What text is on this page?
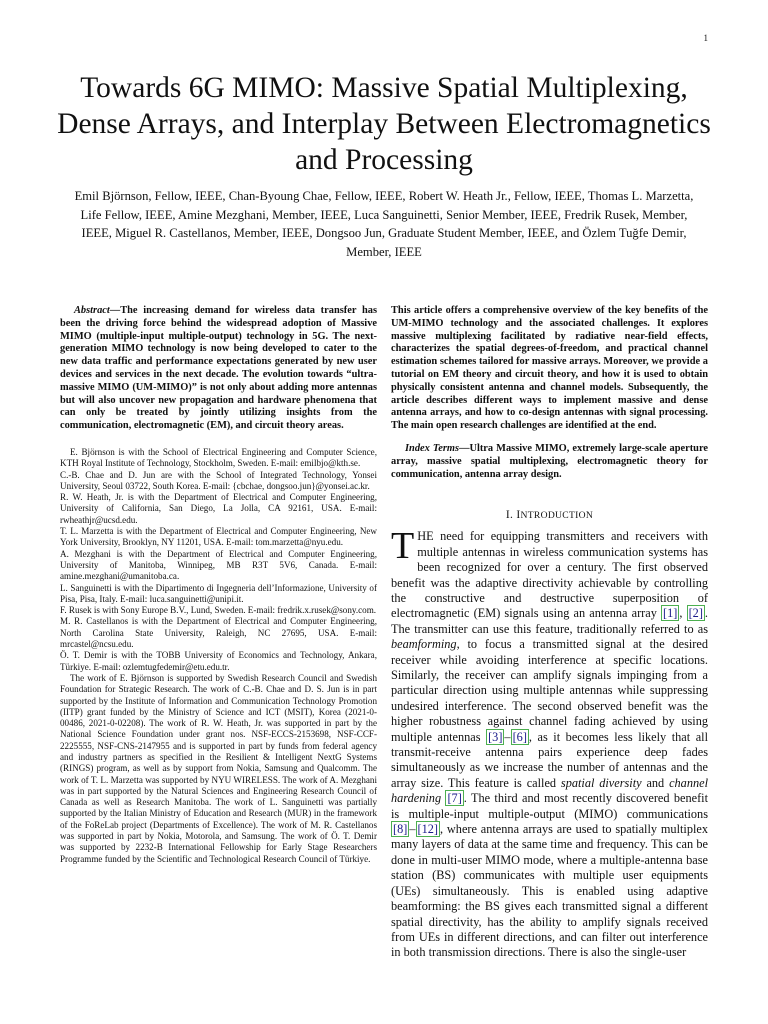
1
Towards 6G MIMO: Massive Spatial Multiplexing, Dense Arrays, and Interplay Between Electromagnetics and Processing

Emil Björnson, Fellow, IEEE, Chan-Byoung Chae, Fellow, IEEE, Robert W. Heath Jr., Fellow, IEEE, Thomas L. Marzetta, Life Fellow, IEEE, Amine Mezghani, Member, IEEE, Luca Sanguinetti, Senior Member, IEEE, Fredrik Rusek, Member, IEEE, Miguel R. Castellanos, Member, IEEE, Dongsoo Jun, Graduate Student Member, IEEE, and Özlem Tuğfe Demir, Member, IEEE

Abstract—The increasing demand for wireless data transfer has been the driving force behind the widespread adoption of Massive MIMO (multiple-input multiple-output) technology in 5G. The next-generation MIMO technology is now being developed to cater to the new data traffic and performance expectations generated by new user devices and services in the next decade. The evolution towards “ultra-massive MIMO (UM-MIMO)” is not only about adding more antennas but will also uncover new propagation and hardware phenomena that can only be treated by jointly utilizing insights from the communication, electromagnetic (EM), and circuit theory areas.

E. Björnson is with the School of Electrical Engineering and Computer Science, KTH Royal Institute of Technology, Stockholm, Sweden. E-mail: emilbjo@kth.se.

C.-B. Chae and D. Jun are with the School of Integrated Technology, Yonsei University, Seoul 03722, South Korea. E-mail: {cbchae, dongsoo.jun}@yonsei.ac.kr.

R. W. Heath, Jr. is with the Department of Electrical and Computer Engineering, University of California, San Diego, La Jolla, CA 92161, USA. E-mail: rwheathjr@ucsd.edu.

T. L. Marzetta is with the Department of Electrical and Computer Engineering, New York University, Brooklyn, NY 11201, USA. E-mail: tom.marzetta@nyu.edu.

A. Mezghani is with the Department of Electrical and Computer Engineering, University of Manitoba, Winnipeg, MB R3T 5V6, Canada. E-mail: amine.mezghani@umanitoba.ca.

L. Sanguinetti is with the Dipartimento di Ingegneria dell’Informazione, University of Pisa, Pisa, Italy. E-mail: luca.sanguinetti@unipi.it.

F. Rusek is with Sony Europe B.V., Lund, Sweden. E-mail: fredrik.x.rusek@sony.com.

M. R. Castellanos is with the Department of Electrical and Computer Engineering, North Carolina State University, Raleigh, NC 27695, USA. E-mail: mrcastel@ncsu.edu.

Ö. T. Demir is with the TOBB University of Economics and Technology, Ankara, Türkiye. E-mail: ozlemtugfedemir@etu.edu.tr.

The work of E. Björnson is supported by Swedish Research Council and Swedish Foundation for Strategic Research. The work of C.-B. Chae and D. S. Jun is in part supported by the Institute of Information and Communication Technology Promotion (IITP) grant funded by the Ministry of Science and ICT (MSIT), Korea (2021-0-00486, 2021-0-02208). The work of R. W. Heath, Jr. was supported in part by the National Science Foundation under grant nos. NSF-ECCS-2153698, NSF-CCF-2225555, NSF-CNS-2147955 and is supported in part by funds from federal agency and industry partners as specified in the Resilient & Intelligent NextG Systems (RINGS) program, as well as by support from Nokia, Samsung and Qualcomm. The work of T. L. Marzetta was supported by NYU WIRELESS. The work of A. Mezghani was in part supported by the Natural Sciences and Engineering Research Council of Canada as well as Research Manitoba. The work of L. Sanguinetti was partially supported by the Italian Ministry of Education and Research (MUR) in the framework of the FoReLab project (Departments of Excellence). The work of M. R. Castellanos was supported in part by Nokia, Motorola, and Samsung. The work of Ö. T. Demir was supported by 2232-B International Fellowship for Early Stage Researchers Programme funded by the Scientific and Technological Research Council of Türkiye.

This article offers a comprehensive overview of the key benefits of the UM-MIMO technology and the associated challenges. It explores massive multiplexing facilitated by radiative near-field effects, characterizes the spatial degrees-of-freedom, and practical channel estimation schemes tailored for massive arrays. Moreover, we provide a tutorial on EM theory and circuit theory, and how it is used to obtain physically consistent antenna and channel models. Subsequently, the article describes different ways to implement massive and dense antenna arrays, and how to co-design antennas with signal processing. The main open research challenges are identified at the end.

Index Terms—Ultra Massive MIMO, extremely large-scale aperture array, massive spatial multiplexing, electromagnetic theory for communication, antenna array design.

I. INTRODUCTION

THE need for equipping transmitters and receivers with multiple antennas in wireless communication systems has been recognized for over a century. The first observed benefit was the adaptive directivity achievable by controlling the constructive and destructive superposition of electromagnetic (EM) signals using an antenna array [1] , [2] . The transmitter can use this feature, traditionally referred to as beamforming, to focus a transmitted signal at the desired receiver while avoiding interference at specific locations. Similarly, the receiver can amplify signals impinging from a particular direction using multiple antennas while suppressing undesired interference. The second observed benefit was the higher robustness against channel fading achieved by using multiple antennas [3] – [6] , as it becomes less likely that all transmit-receive antenna pairs experience deep fades simultaneously as we increase the number of antennas and the array size. This feature is called spatial diversity and channel hardening [7] . The third and most recently discovered benefit is multiple-input multiple-output (MIMO) communications [8] – [12] , where antenna arrays are used to spatially multiplex many layers of data at the same time and frequency. This can be done in multi-user MIMO mode, where a multiple-antenna base station (BS) communicates with multiple user equipments (UEs) simultaneously. This is enabled using adaptive beamforming: the BS gives each transmitted signal a different spatial directivity, has the ability to amplify signals received from UEs in different directions, and can filter out interference in both transmission directions. There is also the single-user
